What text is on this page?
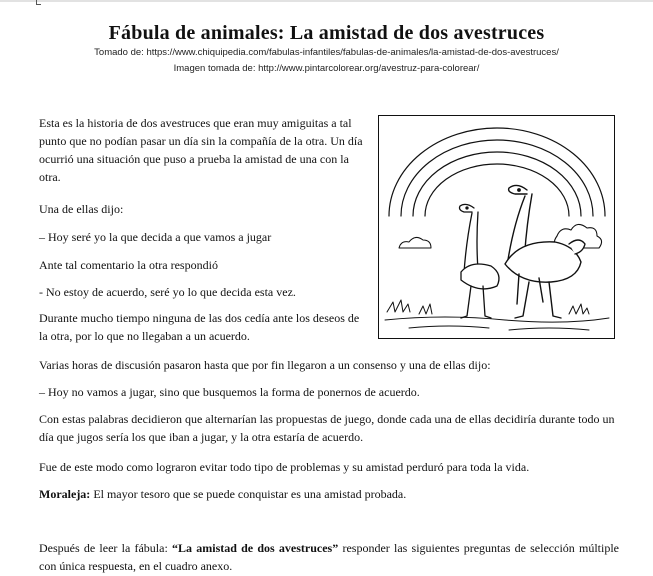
Fábula de animales: La amistad de dos avestruces
Tomado de: https://www.chiquipedia.com/fabulas-infantiles/fabulas-de-animales/la-amistad-de-dos-avestruces/
Imagen tomada de: http://www.pintarcolorear.org/avestruz-para-colorear/

Esta es la historia de dos avestruces que eran muy amiguitas a tal punto que no podían pasar un día sin la compañía de la otra. Un día ocurrió una situación que puso a prueba la amistad de una con la otra.

Una de ellas dijo:

– Hoy seré yo la que decida a que vamos a jugar

Ante tal comentario la otra respondió

- No estoy de acuerdo, seré yo lo que decida esta vez.

Durante mucho tiempo ninguna de las dos cedía ante los deseos de la otra, por lo que no llegaban a un acuerdo.

Varias horas de discusión pasaron hasta que por fin llegaron a un consenso y una de ellas dijo:

– Hoy no vamos a jugar, sino que busquemos la forma de ponernos de acuerdo.

Con estas palabras decidieron que alternarían las propuestas de juego, donde cada una de ellas decidiría durante todo un día que jugos sería los que iban a jugar, y la otra estaría de acuerdo.

Fue de este modo como lograron evitar todo tipo de problemas y su amistad perduró para toda la vida.

Moraleja: El mayor tesoro que se puede conquistar es una amistad probada.

Después de leer la fábula: “La amistad de dos avestruces” responder las siguientes preguntas de selección múltiple con única respuesta, en el cuadro anexo.
